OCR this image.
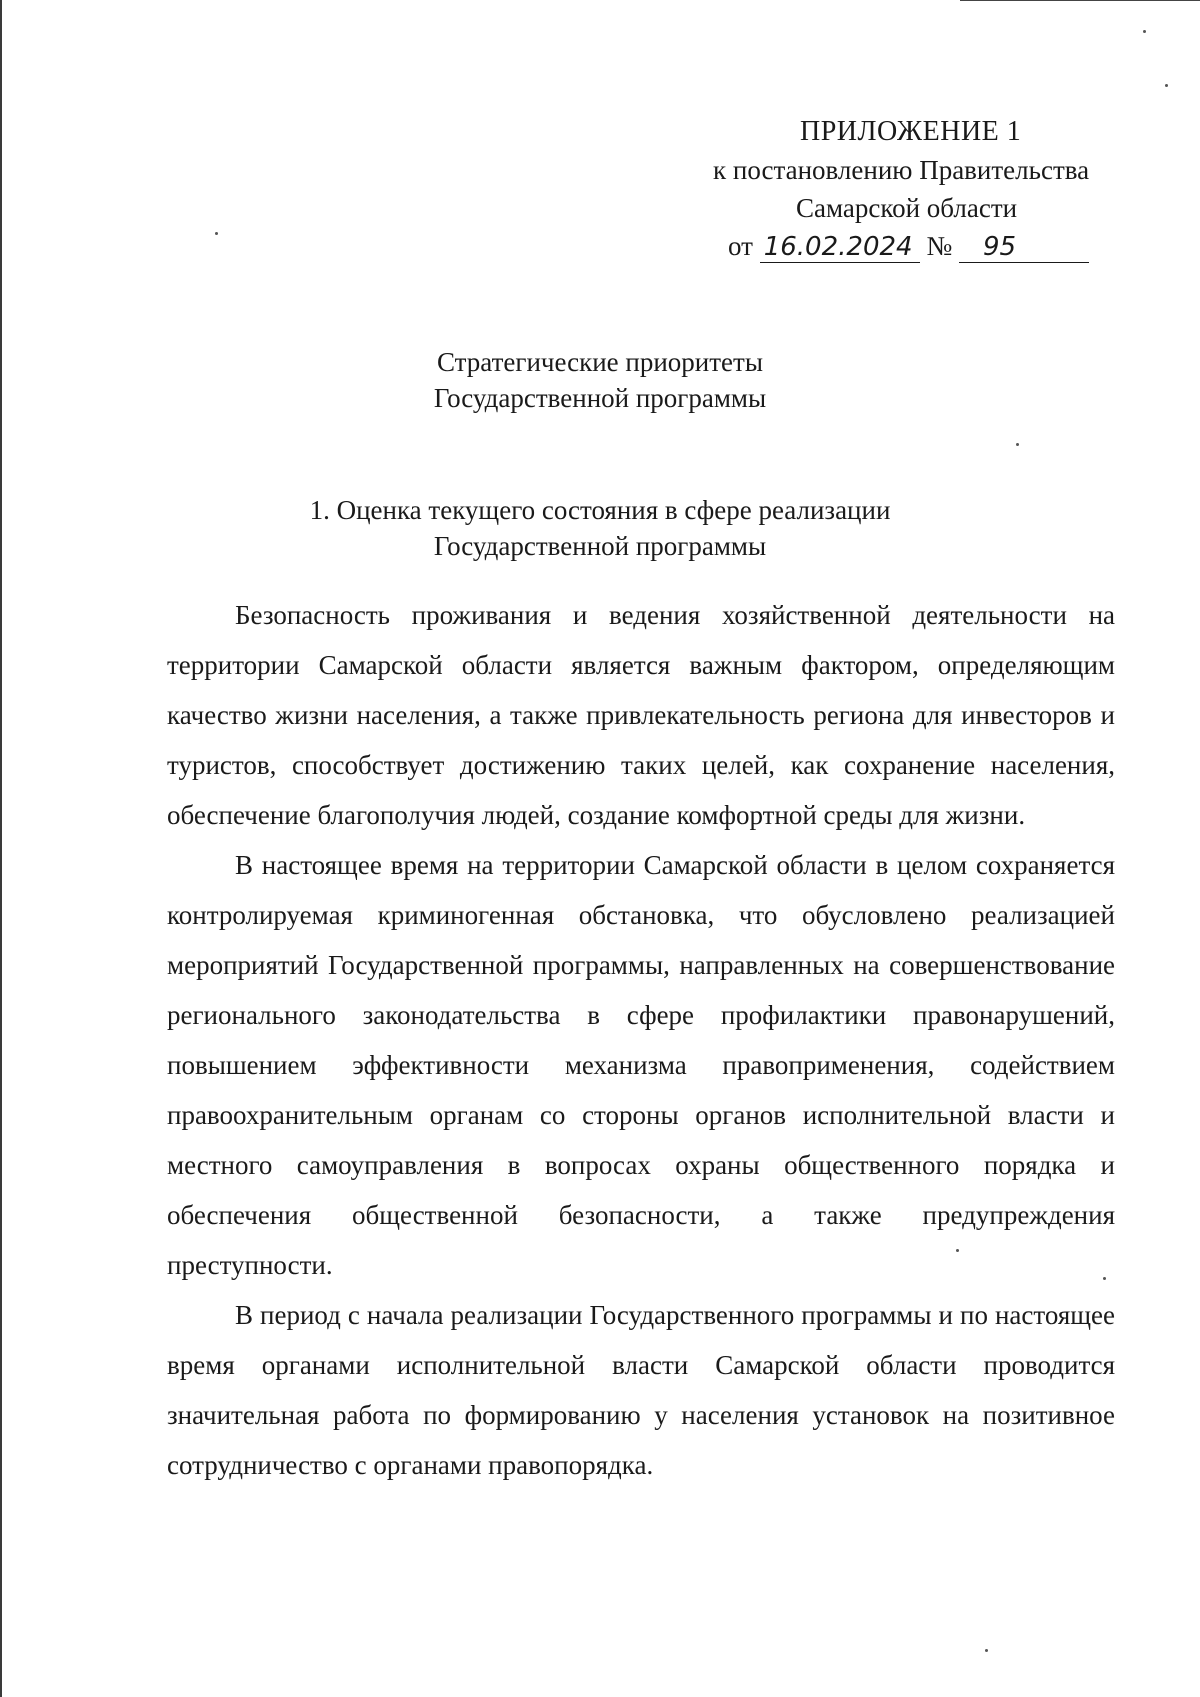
ПРИЛОЖЕНИЕ 1
к постановлению Правительства
Самарской области
от 16.02.2024 № 95
Стратегические приоритеты
Государственной программы
1. Оценка текущего состояния в сфере реализации
Государственной программы

Безопасность проживания и ведения хозяйственной деятельности на территории Самарской области является важным фактором, определяющим качество жизни населения, а также привлекательность региона для инвесторов и туристов, способствует достижению таких целей, как сохранение населения, обеспечение благополучия людей, создание комфортной среды для жизни.

В настоящее время на территории Самарской области в целом сохраняется контролируемая криминогенная обстановка, что обусловлено реализацией мероприятий Государственной программы, направленных на совершенствование регионального законодательства в сфере профилактики правонарушений, повышением эффективности механизма правоприменения, содействием правоохранительным органам со стороны органов исполнительной власти и местного самоуправления в вопросах охраны общественного порядка и обеспечения общественной безопасности, а также предупреждения преступности.

В период с начала реализации Государственного программы и по настоящее время органами исполнительной власти Самарской области проводится значительная работа по формированию у населения установок на позитивное сотрудничество с органами правопорядка.
